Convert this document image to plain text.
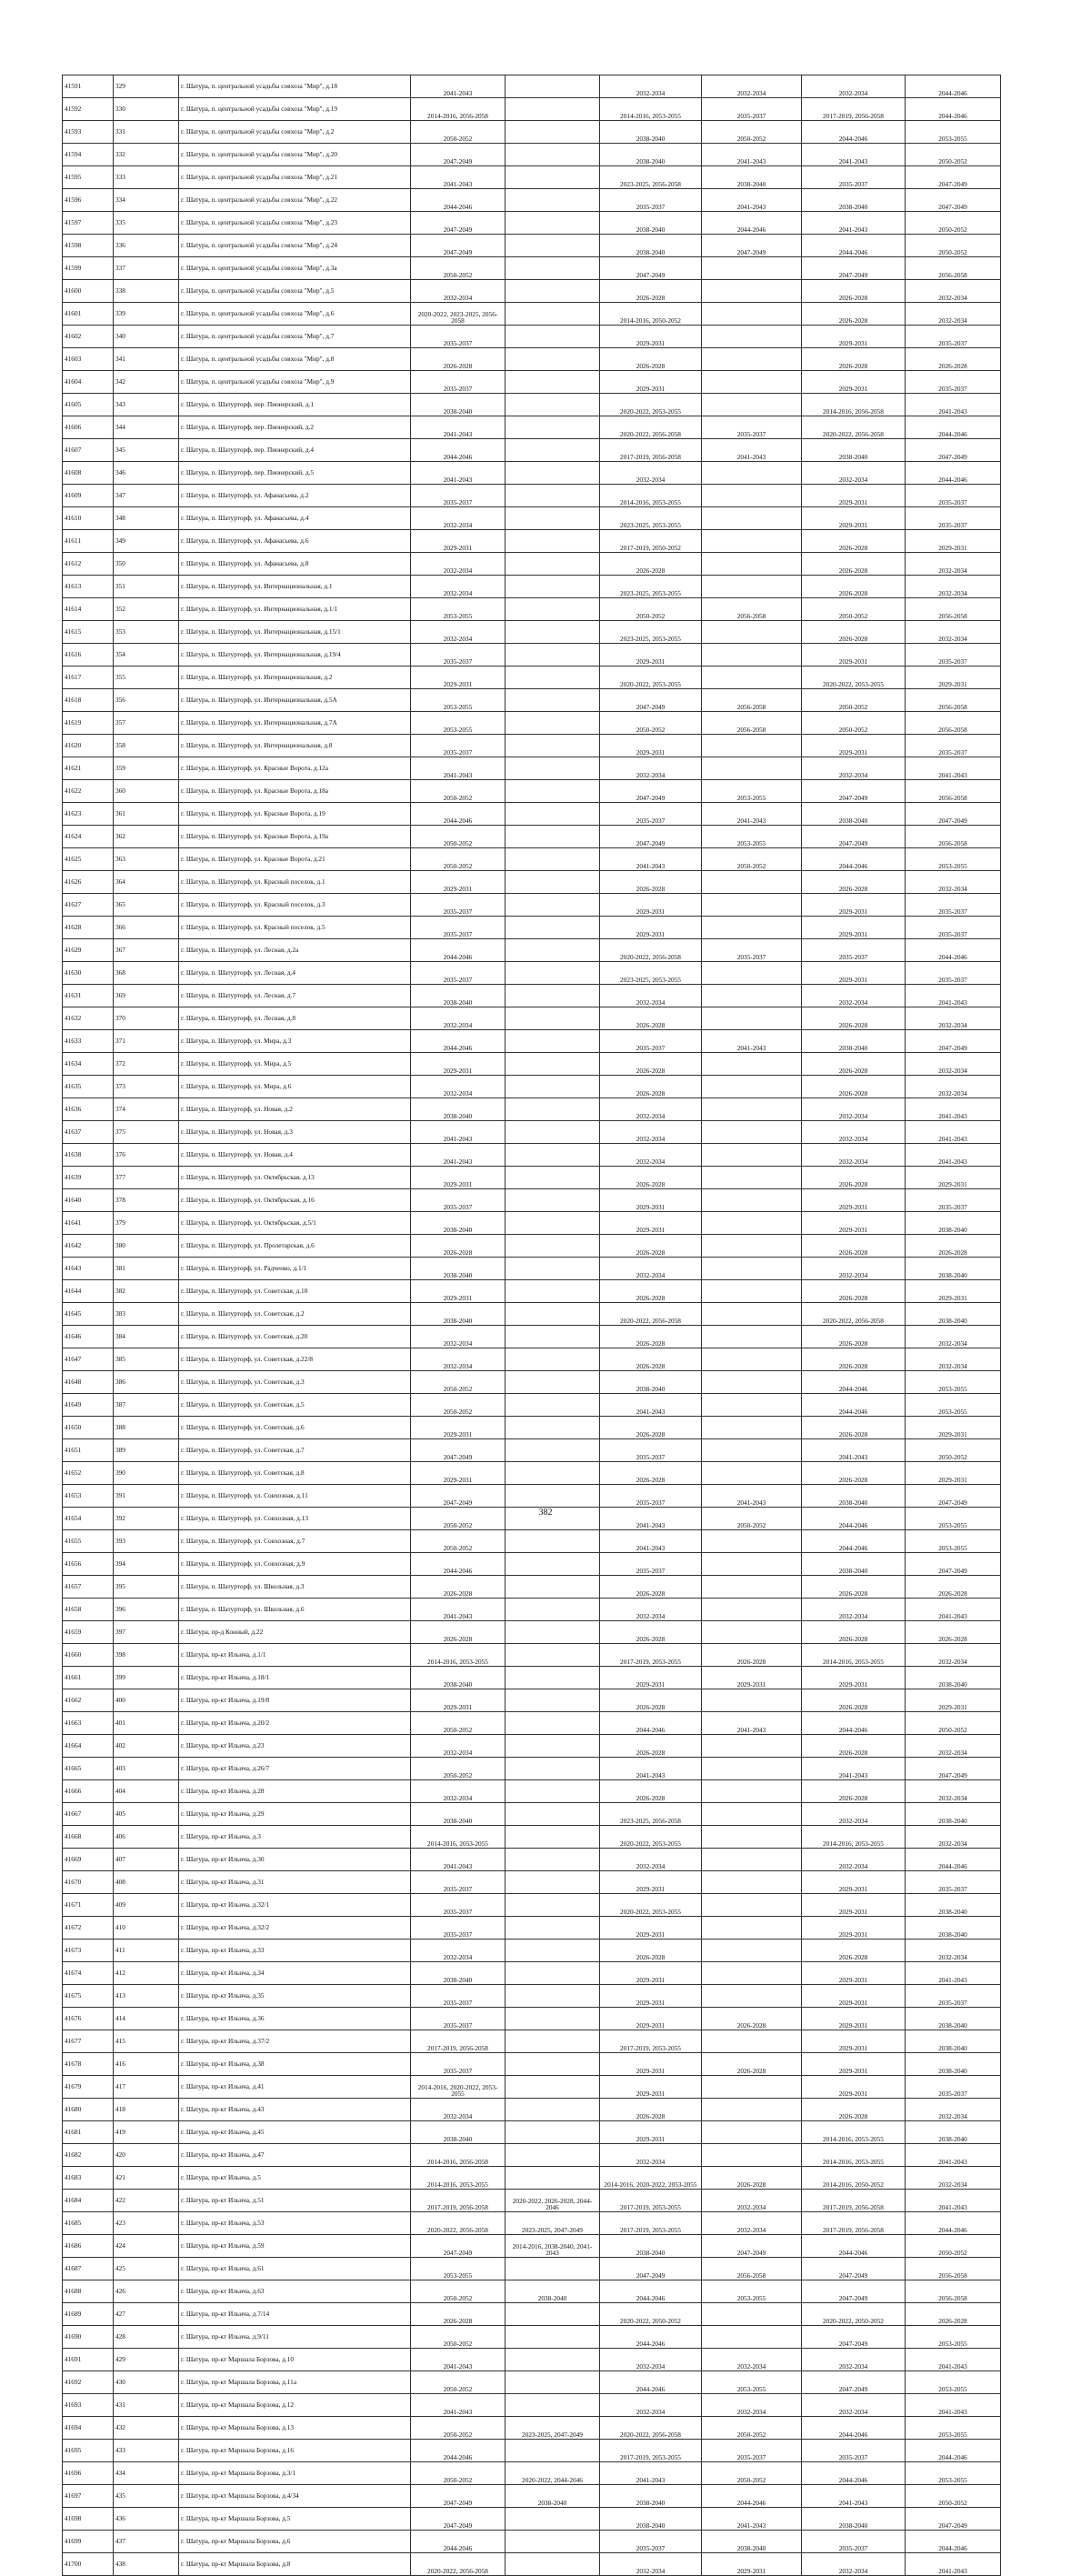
41591	329	г. Шатура, п. центральной усадьбы совхоза "Мир", д.18	2041-2043		2032-2034	2032-2034	2032-2034	2044-2046
41592	330	г. Шатура, п. центральной усадьбы совхоза "Мир", д.19	2014-2016, 2056-2058		2014-2016, 2053-2055	2035-2037	2017-2019, 2056-2058	2044-2046
41593	331	г. Шатура, п. центральной усадьбы совхоза "Мир", д.2	2050-2052		2038-2040	2050-2052	2044-2046	2053-2055
41594	332	г. Шатура, п. центральной усадьбы совхоза "Мир", д.20	2047-2049		2038-2040	2041-2043	2041-2043	2050-2052
41595	333	г. Шатура, п. центральной усадьбы совхоза "Мир", д.21	2041-2043		2023-2025, 2056-2058	2038-2040	2035-2037	2047-2049
41596	334	г. Шатура, п. центральной усадьбы совхоза "Мир", д.22	2044-2046		2035-2037	2041-2043	2038-2040	2047-2049
41597	335	г. Шатура, п. центральной усадьбы совхоза "Мир", д.23	2047-2049		2038-2040	2044-2046	2041-2043	2050-2052
41598	336	г. Шатура, п. центральной усадьбы совхоза "Мир", д.24	2047-2049		2038-2040	2047-2049	2044-2046	2050-2052
41599	337	г. Шатура, п. центральной усадьбы совхоза "Мир", д.3а	2050-2052		2047-2049		2047-2049	2056-2058
41600	338	г. Шатура, п. центральной усадьбы совхоза "Мир", д.5	2032-2034		2026-2028		2026-2028	2032-2034
41601	339	г. Шатура, п. центральной усадьбы совхоза "Мир", д.6	2020-2022, 2023-2025, 2056-2058		2014-2016, 2050-2052		2026-2028	2032-2034
41602	340	г. Шатура, п. центральной усадьбы совхоза "Мир", д.7	2035-2037		2029-2031		2029-2031	2035-2037
41603	341	г. Шатура, п. центральной усадьбы совхоза "Мир", д.8	2026-2028		2026-2028		2026-2028	2026-2028
41604	342	г. Шатура, п. центральной усадьбы совхоза "Мир", д.9	2035-2037		2029-2031		2029-2031	2035-2037
41605	343	г. Шатура, п. Шатурторф, пер. Пионерский, д.1	2038-2040		2020-2022, 2053-2055		2014-2016, 2056-2058	2041-2043
41606	344	г. Шатура, п. Шатурторф, пер. Пионерский, д.2	2041-2043		2020-2022, 2056-2058	2035-2037	2020-2022, 2056-2058	2044-2046
41607	345	г. Шатура, п. Шатурторф, пер. Пионерский, д.4	2044-2046		2017-2019, 2056-2058	2041-2043	2038-2040	2047-2049
41608	346	г. Шатура, п. Шатурторф, пер. Пионерский, д.5	2041-2043		2032-2034		2032-2034	2044-2046
41609	347	г. Шатура, п. Шатурторф, ул. Афанасьева, д.2	2035-2037		2014-2016, 2053-2055		2029-2031	2035-2037
41610	348	г. Шатура, п. Шатурторф, ул. Афанасьева, д.4	2032-2034		2023-2025, 2053-2055		2029-2031	2035-2037
41611	349	г. Шатура, п. Шатурторф, ул. Афанасьева, д.6	2029-2031		2017-2019, 2050-2052		2026-2028	2029-2031
41612	350	г. Шатура, п. Шатурторф, ул. Афанасьева, д.8	2032-2034		2026-2028		2026-2028	2032-2034
41613	351	г. Шатура, п. Шатурторф, ул. Интернациональная, д.1	2032-2034		2023-2025, 2053-2055		2026-2028	2032-2034
41614	352	г. Шатура, п. Шатурторф, ул. Интернациональная, д.1/1	2053-2055		2050-2052	2056-2058	2050-2052	2056-2058
41615	353	г. Шатура, п. Шатурторф, ул. Интернациональная, д.15/1	2032-2034		2023-2025, 2053-2055		2026-2028	2032-2034
41616	354	г. Шатура, п. Шатурторф, ул. Интернациональная, д.19/4	2035-2037		2029-2031		2029-2031	2035-2037
41617	355	г. Шатура, п. Шатурторф, ул. Интернациональная, д.2	2029-2031		2020-2022, 2053-2055		2020-2022, 2053-2055	2029-2031
41618	356	г. Шатура, п. Шатурторф, ул. Интернациональная, д.5А	2053-2055		2047-2049	2056-2058	2050-2052	2056-2058
41619	357	г. Шатура, п. Шатурторф, ул. Интернациональная, д.7А	2053-2055		2050-2052	2056-2058	2050-2052	2056-2058
41620	358	г. Шатура, п. Шатурторф, ул. Интернациональная, д.8	2035-2037		2029-2031		2029-2031	2035-2037
41621	359	г. Шатура, п. Шатурторф, ул. Красные Ворота, д.12а	2041-2043		2032-2034		2032-2034	2041-2043
41622	360	г. Шатура, п. Шатурторф, ул. Красные Ворота, д.18а	2050-2052		2047-2049	2053-2055	2047-2049	2056-2058
41623	361	г. Шатура, п. Шатурторф, ул. Красные Ворота, д.19	2044-2046		2035-2037	2041-2043	2038-2040	2047-2049
41624	362	г. Шатура, п. Шатурторф, ул. Красные Ворота, д.19а	2050-2052		2047-2049	2053-2055	2047-2049	2056-2058
41625	363	г. Шатура, п. Шатурторф, ул. Красные Ворота, д.21	2050-2052		2041-2043	2050-2052	2044-2046	2053-2055
41626	364	г. Шатура, п. Шатурторф, ул. Красный поселок, д.1	2029-2031		2026-2028		2026-2028	2032-2034
41627	365	г. Шатура, п. Шатурторф, ул. Красный поселок, д.3	2035-2037		2029-2031		2029-2031	2035-2037
41628	366	г. Шатура, п. Шатурторф, ул. Красный поселок, д.5	2035-2037		2029-2031		2029-2031	2035-2037
41629	367	г. Шатура, п. Шатурторф, ул. Лесная, д.2а	2044-2046		2020-2022, 2056-2058	2035-2037	2035-2037	2044-2046
41630	368	г. Шатура, п. Шатурторф, ул. Лесная, д.4	2035-2037		2023-2025, 2053-2055		2029-2031	2035-2037
41631	369	г. Шатура, п. Шатурторф, ул. Лесная, д.7	2038-2040		2032-2034		2032-2034	2041-2043
41632	370	г. Шатура, п. Шатурторф, ул. Лесная, д.8	2032-2034		2026-2028		2026-2028	2032-2034
41633	371	г. Шатура, п. Шатурторф, ул. Мира, д.3	2044-2046		2035-2037	2041-2043	2038-2040	2047-2049
41634	372	г. Шатура, п. Шатурторф, ул. Мира, д.5	2029-2031		2026-2028		2026-2028	2032-2034
41635	373	г. Шатура, п. Шатурторф, ул. Мира, д.6	2032-2034		2026-2028		2026-2028	2032-2034
41636	374	г. Шатура, п. Шатурторф, ул. Новая, д.2	2038-2040		2032-2034		2032-2034	2041-2043
41637	375	г. Шатура, п. Шатурторф, ул. Новая, д.3	2041-2043		2032-2034		2032-2034	2041-2043
41638	376	г. Шатура, п. Шатурторф, ул. Новая, д.4	2041-2043		2032-2034		2032-2034	2041-2043
41639	377	г. Шатура, п. Шатурторф, ул. Октябрьская, д.13	2029-2031		2026-2028		2026-2028	2029-2031
41640	378	г. Шатура, п. Шатурторф, ул. Октябрьская, д.16	2035-2037		2029-2031		2029-2031	2035-2037
41641	379	г. Шатура, п. Шатурторф, ул. Октябрьская, д.5/1	2038-2040		2029-2031		2029-2031	2038-2040
41642	380	г. Шатура, п. Шатурторф, ул. Пролетарская, д.6	2026-2028		2026-2028		2026-2028	2026-2028
41643	381	г. Шатура, п. Шатурторф, ул. Радченко, д.1/1	2038-2040		2032-2034		2032-2034	2038-2040
41644	382	г. Шатура, п. Шатурторф, ул. Советская, д.10	2029-2031		2026-2028		2026-2028	2029-2031
41645	383	г. Шатура, п. Шатурторф, ул. Советская, д.2	2038-2040		2020-2022, 2056-2058		2020-2022, 2056-2058	2038-2040
41646	384	г. Шатура, п. Шатурторф, ул. Советская, д.20	2032-2034		2026-2028		2026-2028	2032-2034
41647	385	г. Шатура, п. Шатурторф, ул. Советская, д.22/8	2032-2034		2026-2028		2026-2028	2032-2034
41648	386	г. Шатура, п. Шатурторф, ул. Советская, д.3	2050-2052		2038-2040		2044-2046	2053-2055
41649	387	г. Шатура, п. Шатурторф, ул. Советская, д.5	2050-2052		2041-2043		2044-2046	2053-2055
41650	388	г. Шатура, п. Шатурторф, ул. Советская, д.6	2029-2031		2026-2028		2026-2028	2029-2031
41651	389	г. Шатура, п. Шатурторф, ул. Советская, д.7	2047-2049		2035-2037		2041-2043	2050-2052
41652	390	г. Шатура, п. Шатурторф, ул. Советская, д.8	2029-2031		2026-2028		2026-2028	2029-2031
41653	391	г. Шатура, п. Шатурторф, ул. Совхозная, д.11	2047-2049		2035-2037	2041-2043	2038-2040	2047-2049
41654	392	г. Шатура, п. Шатурторф, ул. Совхозная, д.13	2050-2052		2041-2043	2050-2052	2044-2046	2053-2055
41655	393	г. Шатура, п. Шатурторф, ул. Совхозная, д.7	2050-2052		2041-2043		2044-2046	2053-2055
41656	394	г. Шатура, п. Шатурторф, ул. Совхозная, д.9	2044-2046		2035-2037		2038-2040	2047-2049
41657	395	г. Шатура, п. Шатурторф, ул. Школьная, д.3	2026-2028		2026-2028		2026-2028	2026-2028
41658	396	г. Шатура, п. Шатурторф, ул. Школьная, д.6	2041-2043		2032-2034		2032-2034	2041-2043
41659	397	г. Шатура, пр-д Конный, д.22	2026-2028		2026-2028		2026-2028	2026-2028
41660	398	г. Шатура, пр-кт Ильича, д.1/1	2014-2016, 2053-2055		2017-2019, 2053-2055	2026-2028	2014-2016, 2053-2055	2032-2034
41661	399	г. Шатура, пр-кт Ильича, д.18/1	2038-2040		2029-2031	2029-2031	2029-2031	2038-2040
41662	400	г. Шатура, пр-кт Ильича, д.19/8	2029-2031		2026-2028		2026-2028	2029-2031
41663	401	г. Шатура, пр-кт Ильича, д.20/2	2050-2052		2044-2046	2041-2043	2044-2046	2050-2052
41664	402	г. Шатура, пр-кт Ильича, д.23	2032-2034		2026-2028		2026-2028	2032-2034
41665	403	г. Шатура, пр-кт Ильича, д.26/7	2050-2052		2041-2043		2041-2043	2047-2049
41666	404	г. Шатура, пр-кт Ильича, д.28	2032-2034		2026-2028		2026-2028	2032-2034
41667	405	г. Шатура, пр-кт Ильича, д.29	2038-2040		2023-2025, 2056-2058		2032-2034	2038-2040
41668	406	г. Шатура, пр-кт Ильича, д.3	2014-2016, 2053-2055		2020-2022, 2053-2055		2014-2016, 2053-2055	2032-2034
41669	407	г. Шатура, пр-кт Ильича, д.30	2041-2043		2032-2034		2032-2034	2044-2046
41670	408	г. Шатура, пр-кт Ильича, д.31	2035-2037		2029-2031		2029-2031	2035-2037
41671	409	г. Шатура, пр-кт Ильича, д.32/1	2035-2037		2020-2022, 2053-2055		2029-2031	2038-2040
41672	410	г. Шатура, пр-кт Ильича, д.32/2	2035-2037		2029-2031		2029-2031	2038-2040
41673	411	г. Шатура, пр-кт Ильича, д.33	2032-2034		2026-2028		2026-2028	2032-2034
41674	412	г. Шатура, пр-кт Ильича, д.34	2038-2040		2029-2031		2029-2031	2041-2043
41675	413	г. Шатура, пр-кт Ильича, д.35	2035-2037		2029-2031		2029-2031	2035-2037
41676	414	г. Шатура, пр-кт Ильича, д.36	2035-2037		2029-2031	2026-2028	2029-2031	2038-2040
41677	415	г. Шатура, пр-кт Ильича, д.37/2	2017-2019, 2056-2058		2017-2019, 2053-2055		2029-2031	2038-2040
41678	416	г. Шатура, пр-кт Ильича, д.38	2035-2037		2029-2031	2026-2028	2029-2031	2038-2040
41679	417	г. Шатура, пр-кт Ильича, д.41	2014-2016, 2020-2022, 2053-2055		2029-2031		2029-2031	2035-2037
41680	418	г. Шатура, пр-кт Ильича, д.43	2032-2034		2026-2028		2026-2028	2032-2034
41681	419	г. Шатура, пр-кт Ильича, д.45	2038-2040		2029-2031		2014-2016, 2053-2055	2038-2040
41682	420	г. Шатура, пр-кт Ильича, д.47	2014-2016, 2056-2058		2032-2034		2014-2016, 2053-2055	2041-2043
41683	421	г. Шатура, пр-кт Ильича, д.5	2014-2016, 2053-2055		2014-2016, 2020-2022, 2053-2055	2026-2028	2014-2016, 2050-2052	2032-2034
41684	422	г. Шатура, пр-кт Ильича, д.51	2017-2019, 2056-2058	2020-2022, 2026-2028, 2044-2046	2017-2019, 2053-2055	2032-2034	2017-2019, 2056-2058	2041-2043
41685	423	г. Шатура, пр-кт Ильича, д.53	2020-2022, 2056-2058	2023-2025, 2047-2049	2017-2019, 2053-2055	2032-2034	2017-2019, 2056-2058	2044-2046
41686	424	г. Шатура, пр-кт Ильича, д.59	2047-2049	2014-2016, 2038-2040, 2041-2043	2038-2040	2047-2049	2044-2046	2050-2052
41687	425	г. Шатура, пр-кт Ильича, д.61	2053-2055		2047-2049	2056-2058	2047-2049	2056-2058
41688	426	г. Шатура, пр-кт Ильича, д.63	2050-2052	2038-2040	2044-2046	2053-2055	2047-2049	2056-2058
41689	427	г. Шатура, пр-кт Ильича, д.7/14	2026-2028		2020-2022, 2050-2052		2020-2022, 2050-2052	2026-2028
41690	428	г. Шатура, пр-кт Ильича, д.9/11	2050-2052		2044-2046		2047-2049	2053-2055
41691	429	г. Шатура, пр-кт Маршала Борзова, д.10	2041-2043		2032-2034	2032-2034	2032-2034	2041-2043
41692	430	г. Шатура, пр-кт Маршала Борзова, д.11а	2050-2052		2044-2046	2053-2055	2047-2049	2053-2055
41693	431	г. Шатура, пр-кт Маршала Борзова, д.12	2041-2043		2032-2034	2032-2034	2032-2034	2041-2043
41694	432	г. Шатура, пр-кт Маршала Борзова, д.13	2050-2052	2023-2025, 2047-2049	2020-2022, 2056-2058	2050-2052	2044-2046	2053-2055
41695	433	г. Шатура, пр-кт Маршала Борзова, д.16	2044-2046		2017-2019, 2053-2055	2035-2037	2035-2037	2044-2046
41696	434	г. Шатура, пр-кт Маршала Борзова, д.3/1	2050-2052	2020-2022, 2044-2046	2041-2043	2050-2052	2044-2046	2053-2055
41697	435	г. Шатура, пр-кт Маршала Борзова, д.4/34	2047-2049	2038-2040	2038-2040	2044-2046	2041-2043	2050-2052
41698	436	г. Шатура, пр-кт Маршала Борзова, д.5	2047-2049		2038-2040	2041-2043	2038-2040	2047-2049
41699	437	г. Шатура, пр-кт Маршала Борзова, д.6	2044-2046		2035-2037	2038-2040	2035-2037	2044-2046
41700	438	г. Шатура, пр-кт Маршала Борзова, д.8	2020-2022, 2056-2058		2032-2034	2029-2031	2032-2034	2041-2043
382
